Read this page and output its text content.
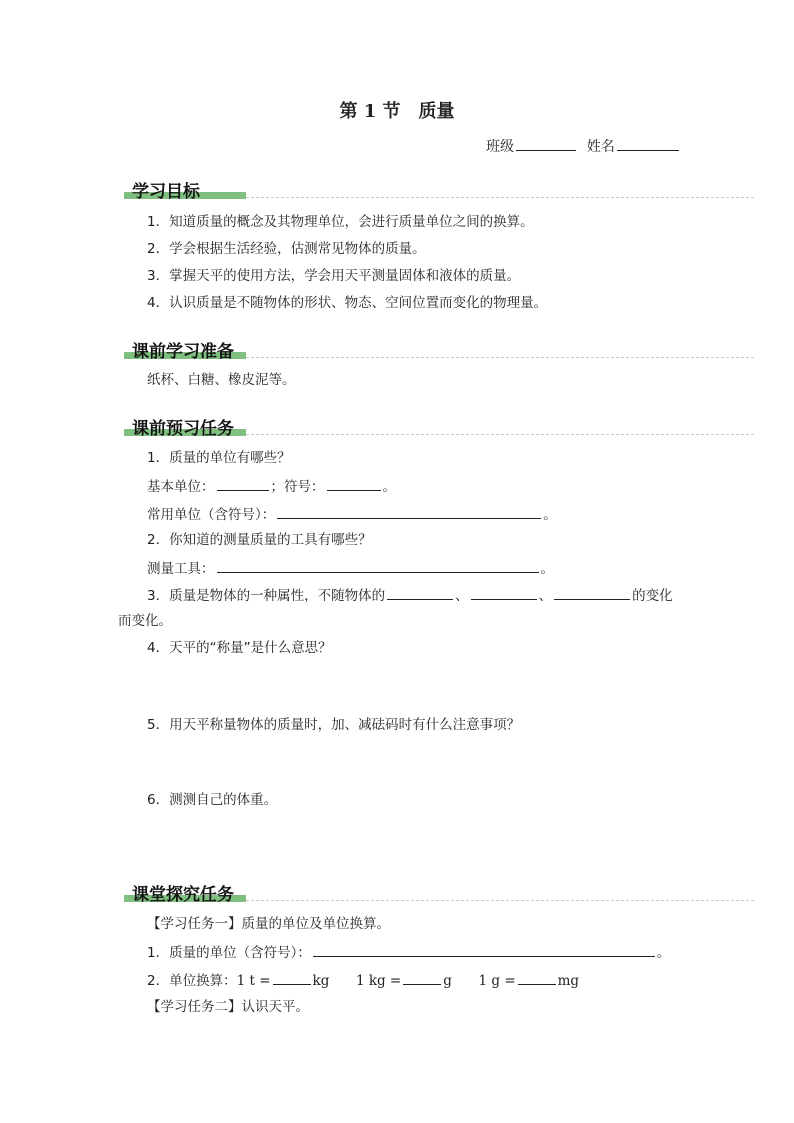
第 1 节 质量
班级	姓名
学习目标
1．知道质量的概念及其物理单位，会进行质量单位之间的换算。
2．学会根据生活经验，估测常见物体的质量。
3．掌握天平的使用方法，学会用天平测量固体和液体的质量。
4．认识质量是不随物体的形状、物态、空间位置而变化的物理量。
课前学习准备
纸杯、白糖、橡皮泥等。
课前预习任务
1．质量的单位有哪些？
基本单位：	；符号：	。
常用单位（含符号）：	。
2．你知道的测量质量的工具有哪些？
测量工具：	。
3．质量是物体的一种属性，不随物体的	、	、	的变化
而变化。
4．天平的“称量”是什么意思？
5．用天平称量物体的质量时，加、减砝码时有什么注意事项？
6．测测自己的体重。
课堂探究任务
【学习任务一】质量的单位及单位换算。
1．质量的单位（含符号）：	。
2．单位换算：1 t =	kg 1 kg =	g 1 g =	mg
【学习任务二】认识天平。
